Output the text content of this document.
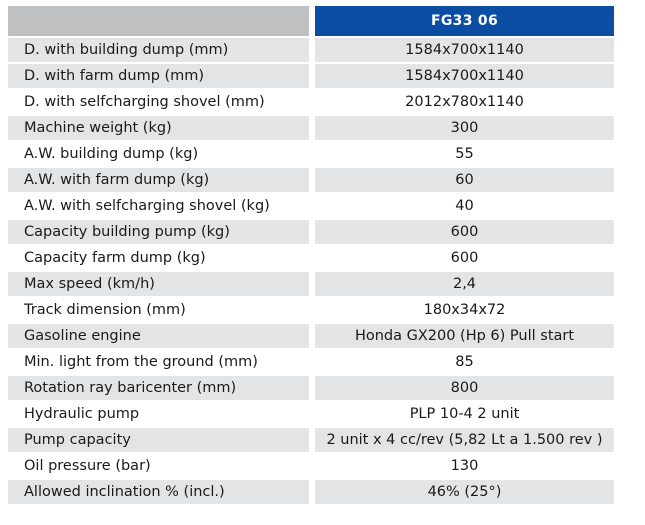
FG33 06
D. with building dump (mm)	1584x700x1140
D. with farm dump (mm)	1584x700x1140
D. with selfcharging shovel (mm)	2012x780x1140
Machine weight (kg)	300
A.W. building dump (kg)	55
A.W. with farm dump (kg)	60
A.W. with selfcharging shovel (kg)	40
Capacity building pump (kg)	600
Capacity farm dump (kg)	600
Max speed (km/h)	2,4
Track dimension (mm)	180x34x72
Gasoline engine	Honda GX200 (Hp 6) Pull start
Min. light from the ground (mm)	85
Rotation ray baricenter (mm)	800
Hydraulic pump	PLP 10-4 2 unit
Pump capacity	2 unit x 4 cc/rev (5,82 Lt a 1.500 rev )
Oil pressure (bar)	130
Allowed inclination % (incl.)	46% (25°)
